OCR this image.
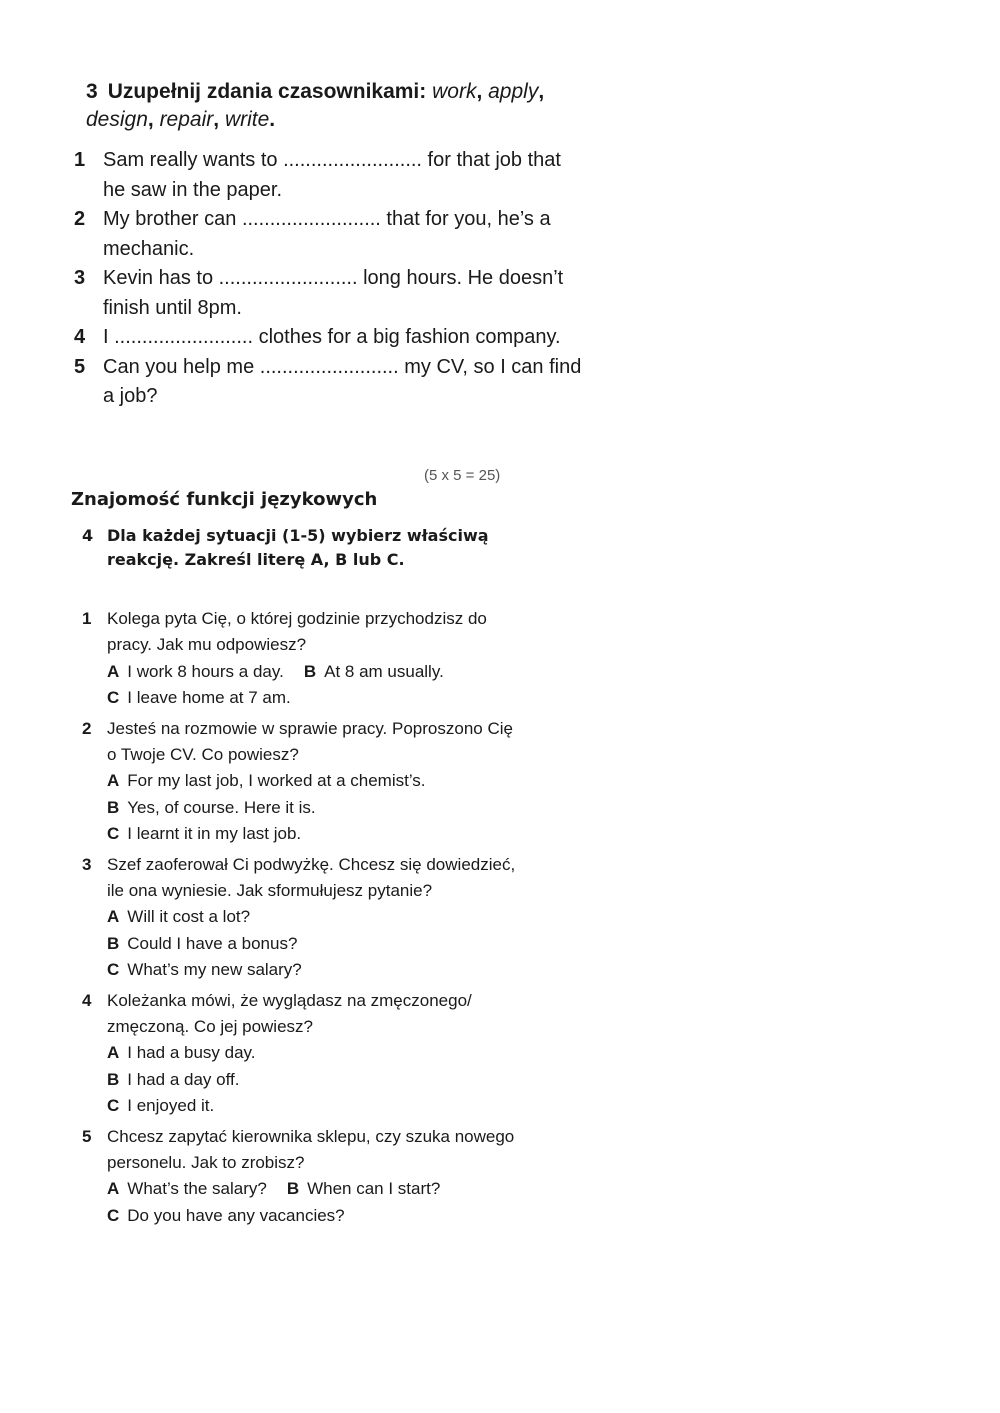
3 Uzupełnij zdania czasownikami: work, apply, design, repair, write.
1 Sam really wants to ......................... for that job that he saw in the paper.
2 My brother can ......................... that for you, he’s a mechanic.
3 Kevin has to ......................... long hours. He doesn’t finish until 8pm.
4 I ......................... clothes for a big fashion company.
5 Can you help me ......................... my CV, so I can find a job?
(5 x 5 = 25)
Znajomość funkcji językowych
4 Dla każdej sytuacji (1-5) wybierz właściwą reakcję. Zakreśl literę A, B lub C.
1 Kolega pyta Cię, o której godzinie przychodzisz do pracy. Jak mu odpowiesz?
A I work 8 hours a day. B At 8 am usually.
C I leave home at 7 am.
2 Jesteś na rozmowie w sprawie pracy. Poproszono Cię o Twoje CV. Co powiesz?
A For my last job, I worked at a chemist’s.
B Yes, of course. Here it is.
C I learnt it in my last job.
3 Szef zaoferował Ci podwyżkę. Chcesz się dowiedzieć, ile ona wyniesie. Jak sformułujesz pytanie?
A Will it cost a lot?
B Could I have a bonus?
C What’s my new salary?
4 Koleżanka mówi, że wyglądasz na zmęczonego/ zmęczoną. Co jej powiesz?
A I had a busy day.
B I had a day off.
C I enjoyed it.
5 Chcesz zapytać kierownika sklepu, czy szuka nowego personelu. Jak to zrobisz?
A What’s the salary? B When can I start?
C Do you have any vacancies?
